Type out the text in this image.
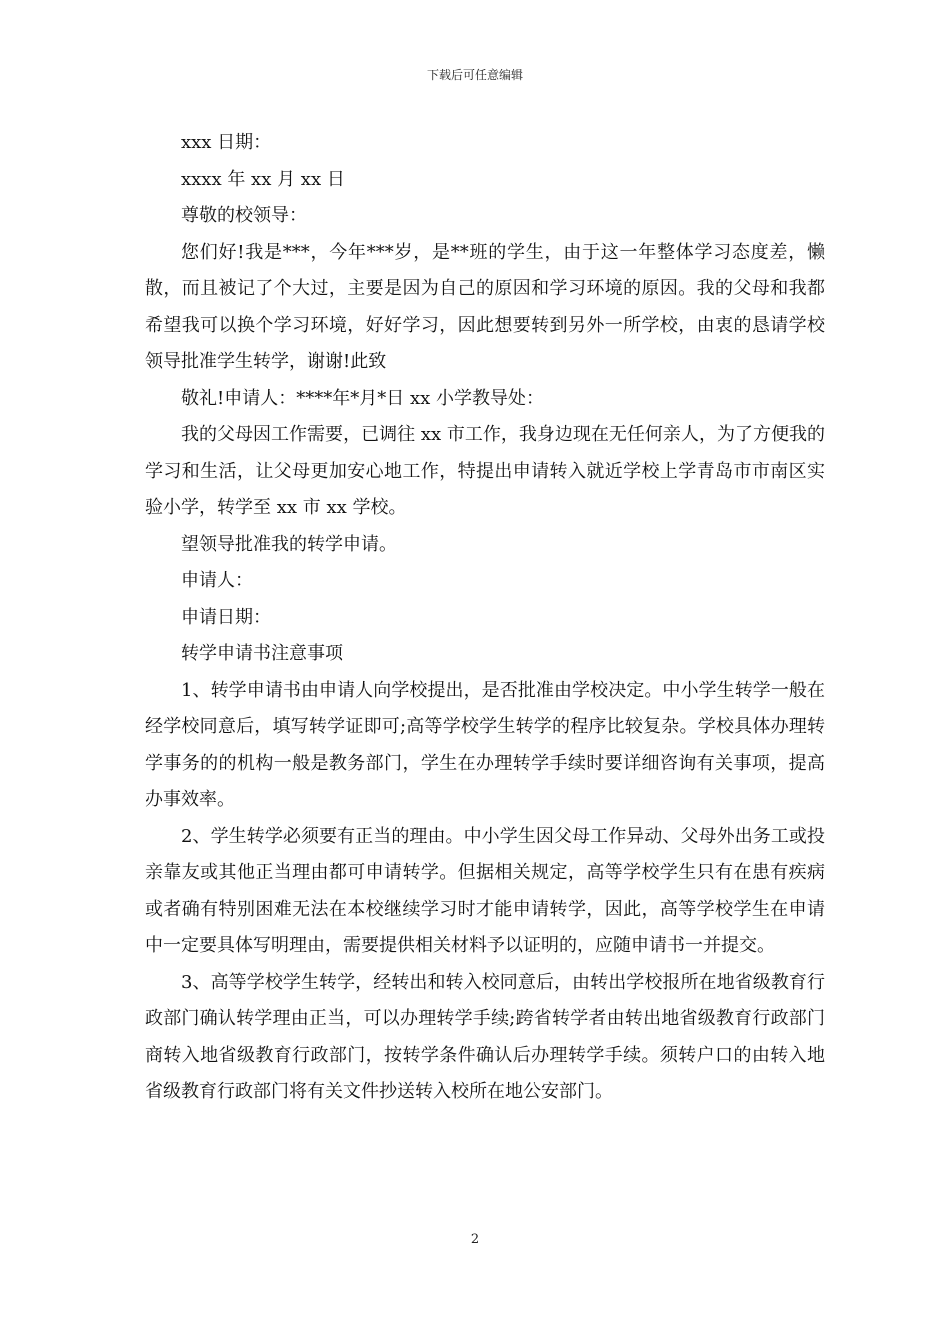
下载后可任意编辑

xxx 日期：

xxxx 年 xx 月 xx 日

尊敬的校领导：

您们好!我是***，今年***岁，是**班的学生，由于这一年整体学习态度差，懒散，而且被记了个大过，主要是因为自己的原因和学习环境的原因。我的父母和我都希望我可以换个学习环境，好好学习，因此想要转到另外一所学校，由衷的恳请学校领导批准学生转学，谢谢!此致

敬礼!申请人：****年*月*日 xx 小学教导处：

我的父母因工作需要，已调往 xx 市工作，我身边现在无任何亲人，为了方便我的学习和生活，让父母更加安心地工作，特提出申请转入就近学校上学青岛市市南区实验小学，转学至 xx 市 xx 学校。

望领导批准我的转学申请。

申请人：

申请日期：

转学申请书注意事项

1、转学申请书由申请人向学校提出，是否批准由学校决定。中小学生转学一般在经学校同意后，填写转学证即可;高等学校学生转学的程序比较复杂。学校具体办理转学事务的的机构一般是教务部门，学生在办理转学手续时要详细咨询有关事项，提高办事效率。

2、学生转学必须要有正当的理由。中小学生因父母工作异动、父母外出务工或投亲靠友或其他正当理由都可申请转学。但据相关规定，高等学校学生只有在患有疾病或者确有特别困难无法在本校继续学习时才能申请转学，因此，高等学校学生在申请中一定要具体写明理由，需要提供相关材料予以证明的，应随申请书一并提交。

3、高等学校学生转学，经转出和转入校同意后，由转出学校报所在地省级教育行政部门确认转学理由正当，可以办理转学手续;跨省转学者由转出地省级教育行政部门商转入地省级教育行政部门，按转学条件确认后办理转学手续。须转户口的由转入地省级教育行政部门将有关文件抄送转入校所在地公安部门。

2
